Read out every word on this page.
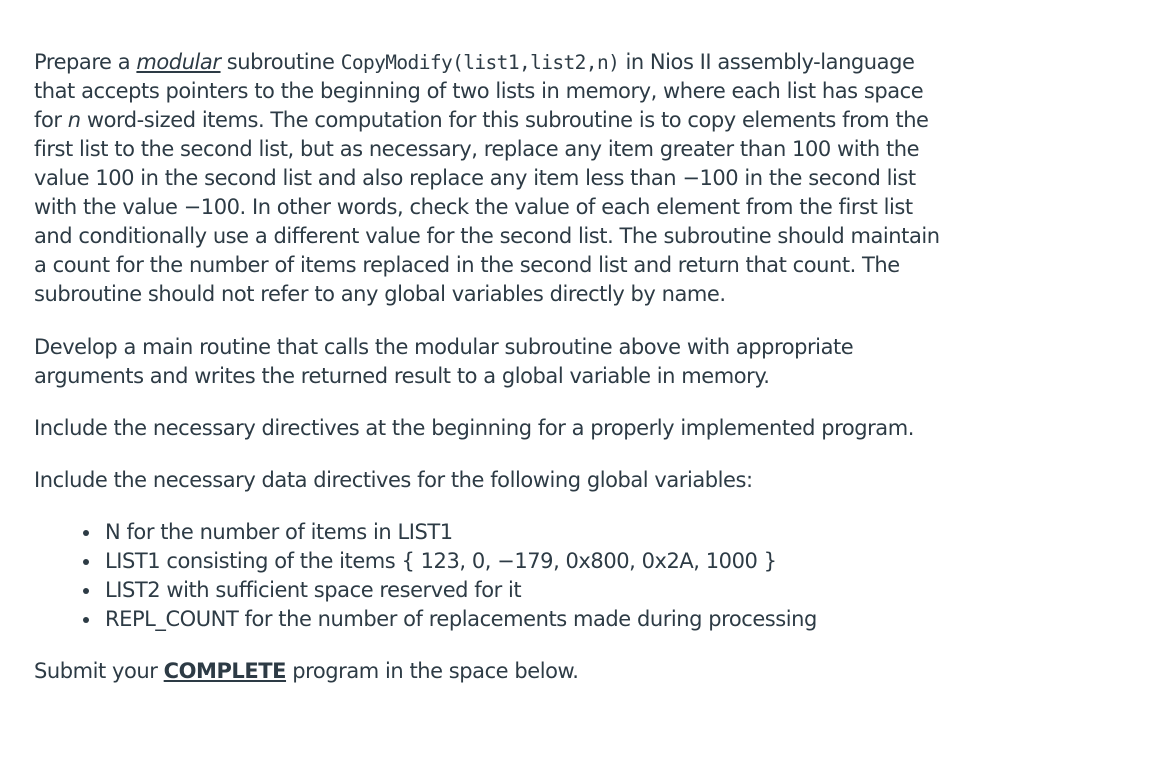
Prepare a modular subroutine CopyModify(list1,list2,n) in Nios II assembly-language that accepts pointers to the beginning of two lists in memory, where each list has space for n word-sized items. The computation for this subroutine is to copy elements from the first list to the second list, but as necessary, replace any item greater than 100 with the value 100 in the second list and also replace any item less than −100 in the second list with the value −100. In other words, check the value of each element from the first list and conditionally use a different value for the second list. The subroutine should maintain a count for the number of items replaced in the second list and return that count. The subroutine should not refer to any global variables directly by name.

Develop a main routine that calls the modular subroutine above with appropriate arguments and writes the returned result to a global variable in memory.

Include the necessary directives at the beginning for a properly implemented program.

Include the necessary data directives for the following global variables:

N for the number of items in LIST1
LIST1 consisting of the items { 123, 0, −179, 0x800, 0x2A, 1000 }
LIST2 with sufficient space reserved for it
REPL_COUNT for the number of replacements made during processing

Submit your COMPLETE program in the space below.
